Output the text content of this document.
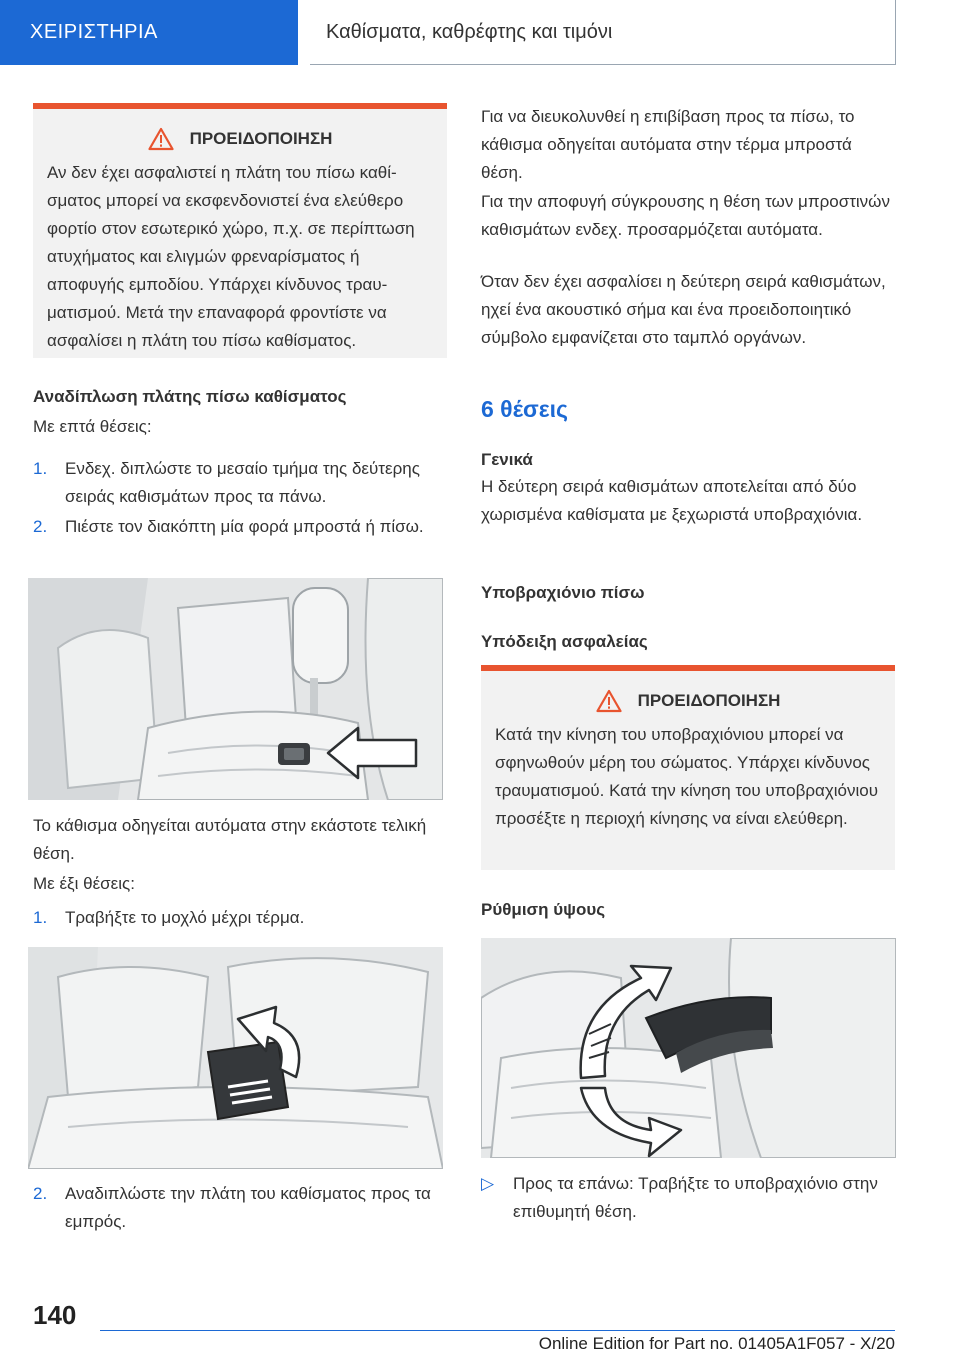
ΧΕΙΡΙΣΤΗΡΙΑ	Καθίσματα, καθρέφτης και τιμόνι
ΠΡΟΕΙΔΟΠΟΙΗΣΗ
Αν δεν έχει ασφαλιστεί η πλάτη του πίσω καθίσματος μπορεί να εκσφενδονιστεί ένα ελεύθερο φορτίο στον εσωτερικό χώρο, π.χ. σε περίπτωση ατυχήματος και ελιγμών φρεναρίσματος ή αποφυγής εμποδίου. Υπάρχει κίνδυνος τραυματισμού. Μετά την επαναφορά φροντίστε να ασφαλίσει η πλάτη του πίσω καθίσματος.
Αναδίπλωση πλάτης πίσω καθίσματος
Με επτά θέσεις:
1. Ενδεχ. διπλώστε το μεσαίο τμήμα της δεύτερης σειράς καθισμάτων προς τα πάνω.
2. Πιέστε τον διακόπτη μία φορά μπροστά ή πίσω.
Το κάθισμα οδηγείται αυτόματα στην εκάστοτε τελική θέση.
Με έξι θέσεις:
1. Τραβήξτε το μοχλό μέχρι τέρμα.
2. Αναδιπλώστε την πλάτη του καθίσματος προς τα εμπρός.
Για να διευκολυνθεί η επιβίβαση προς τα πίσω, το κάθισμα οδηγείται αυτόματα στην τέρμα μπροστά θέση.
Για την αποφυγή σύγκρουσης η θέση των μπροστινών καθισμάτων ενδεχ. προσαρμόζεται αυτόματα.
Όταν δεν έχει ασφαλίσει η δεύτερη σειρά καθισμάτων, ηχεί ένα ακουστικό σήμα και ένα προειδοποιητικό σύμβολο εμφανίζεται στο ταμπλό οργάνων.
6 θέσεις
Γενικά
Η δεύτερη σειρά καθισμάτων αποτελείται από δύο χωρισμένα καθίσματα με ξεχωριστά υποβραχιόνια.
Υποβραχιόνιο πίσω
Υπόδειξη ασφαλείας
ΠΡΟΕΙΔΟΠΟΙΗΣΗ
Κατά την κίνηση του υποβραχιόνιου μπορεί να σφηνωθούν μέρη του σώματος. Υπάρχει κίνδυνος τραυματισμού. Κατά την κίνηση του υποβραχιόνιου προσέξτε η περιοχή κίνησης να είναι ελεύθερη.
Ρύθμιση ύψους
▷ Προς τα επάνω: Τραβήξτε το υποβραχιόνιο στην επιθυμητή θέση.
140
Online Edition for Part no. 01405A1F057 - X/20
